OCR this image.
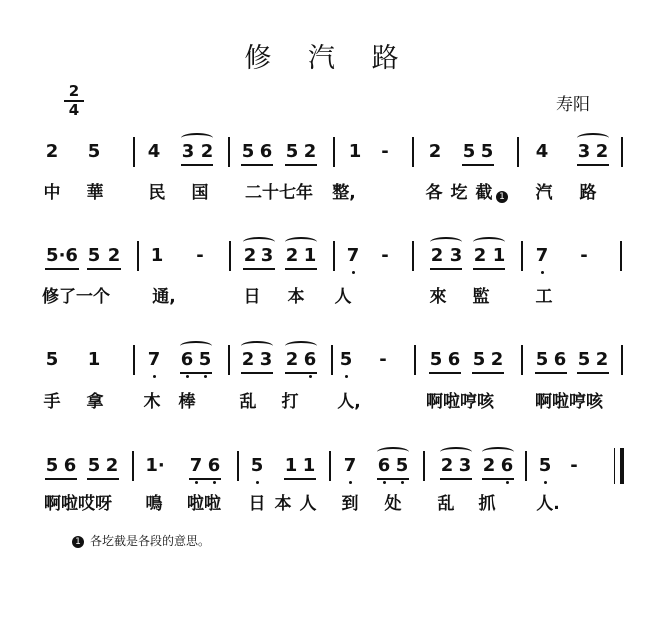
修 汽 路
2
4	寿阳
2 5	4 3 2 5 6 5 2 1 - 2 5 5 4 3 2
中 華	民 国 二十七年 整,	各 圪 截 1	汽 路
5·6 5 2 1 - 2 3 2 1 7 - 2 3 2 1 7 -
修了一个 通,	日 本 人	來 監	工
5 1	7 6 5 2 3 2 6 5 - 5 6 5 2 5 6 5 2
手 拿 木 棒	乱 打 人,	啊啦哼咳 啊啦哼咳
5 6 5 2 1· 7 6 5 1 1 7 6 5 2 3 2 6 5 -
啊啦哎呀 鳴 啦啦 日 本 人 到 处 乱 抓 人.
1 各圪截是各段的意思。
